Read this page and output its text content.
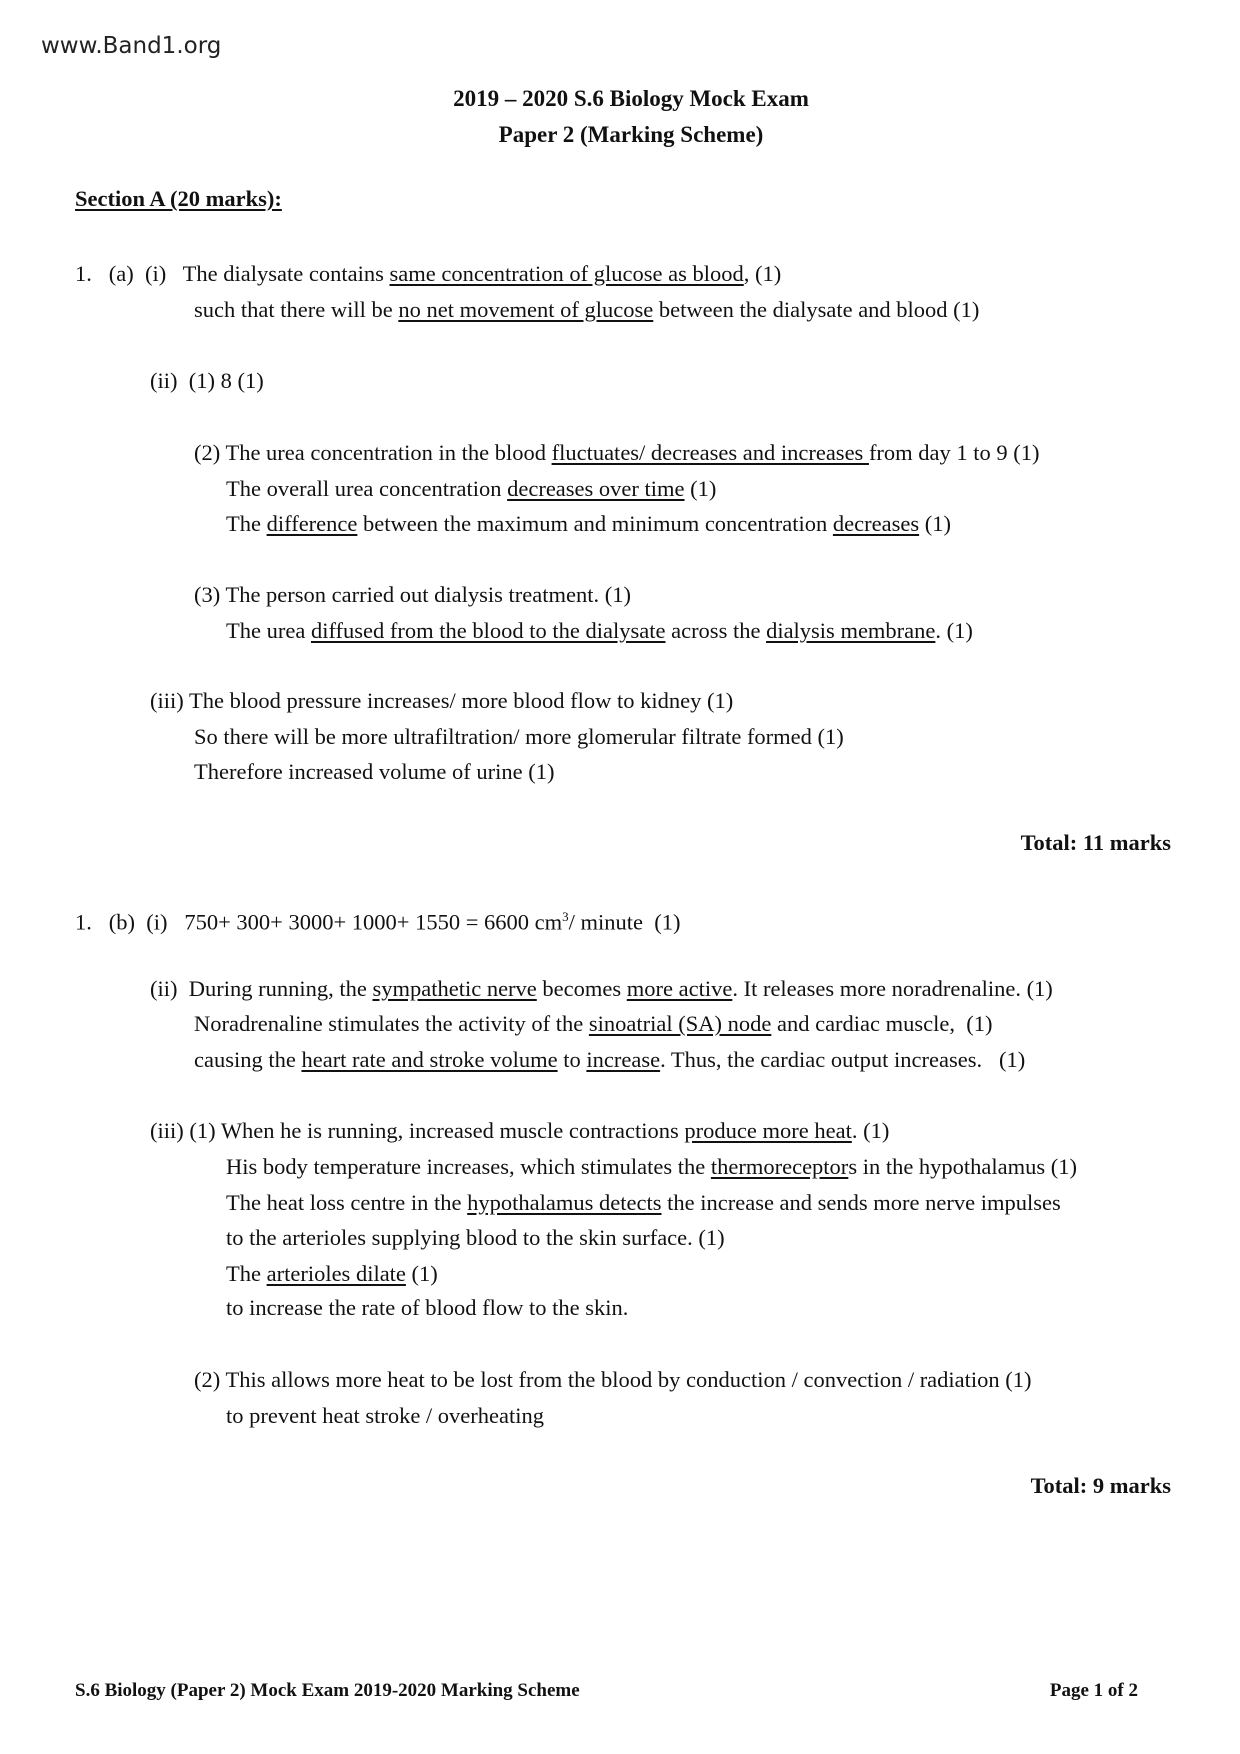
www.Band1.org
2019 – 2020 S.6 Biology Mock Exam
Paper 2 (Marking Scheme)
Section A (20 marks):
1.   (a)  (i)   The dialysate contains same concentration of glucose as blood, (1)
such that there will be no net movement of glucose between the dialysate and blood (1)
(ii)  (1) 8 (1)
(2) The urea concentration in the blood fluctuates/ decreases and increases from day 1 to 9 (1)
The overall urea concentration decreases over time (1)
The difference between the maximum and minimum concentration decreases (1)
(3) The person carried out dialysis treatment. (1)
The urea diffused from the blood to the dialysate across the dialysis membrane. (1)
(iii) The blood pressure increases/ more blood flow to kidney (1)
So there will be more ultrafiltration/ more glomerular filtrate formed (1)
Therefore increased volume of urine (1)
1.   (b)  (i)   750+ 300+ 3000+ 1000+ 1550 = 6600 $cm^3/$ minute  (1)
(ii)  During running, the sympathetic nerve becomes more active. It releases more noradrenaline. (1)
Noradrenaline stimulates the activity of the sinoatrial (SA) node and cardiac muscle,  (1)
causing the heart rate and stroke volume to increase. Thus, the cardiac output increases.   (1)
(iii) (1) When he is running, increased muscle contractions produce more heat. (1)
His body temperature increases, which stimulates the thermoreceptors in the hypothalamus (1)
The heat loss centre in the hypothalamus detects the increase and sends more nerve impulses
to the arterioles supplying blood to the skin surface. (1)
The arterioles dilate (1)
to increase the rate of blood flow to the skin.
(2) This allows more heat to be lost from the blood by conduction / convection / radiation (1)
to prevent heat stroke / overheating
Total: 11 marks
Total: 9 marks
S.6 Biology (Paper 2) Mock Exam 2019-2020 Marking Scheme	Page 1 of 2
